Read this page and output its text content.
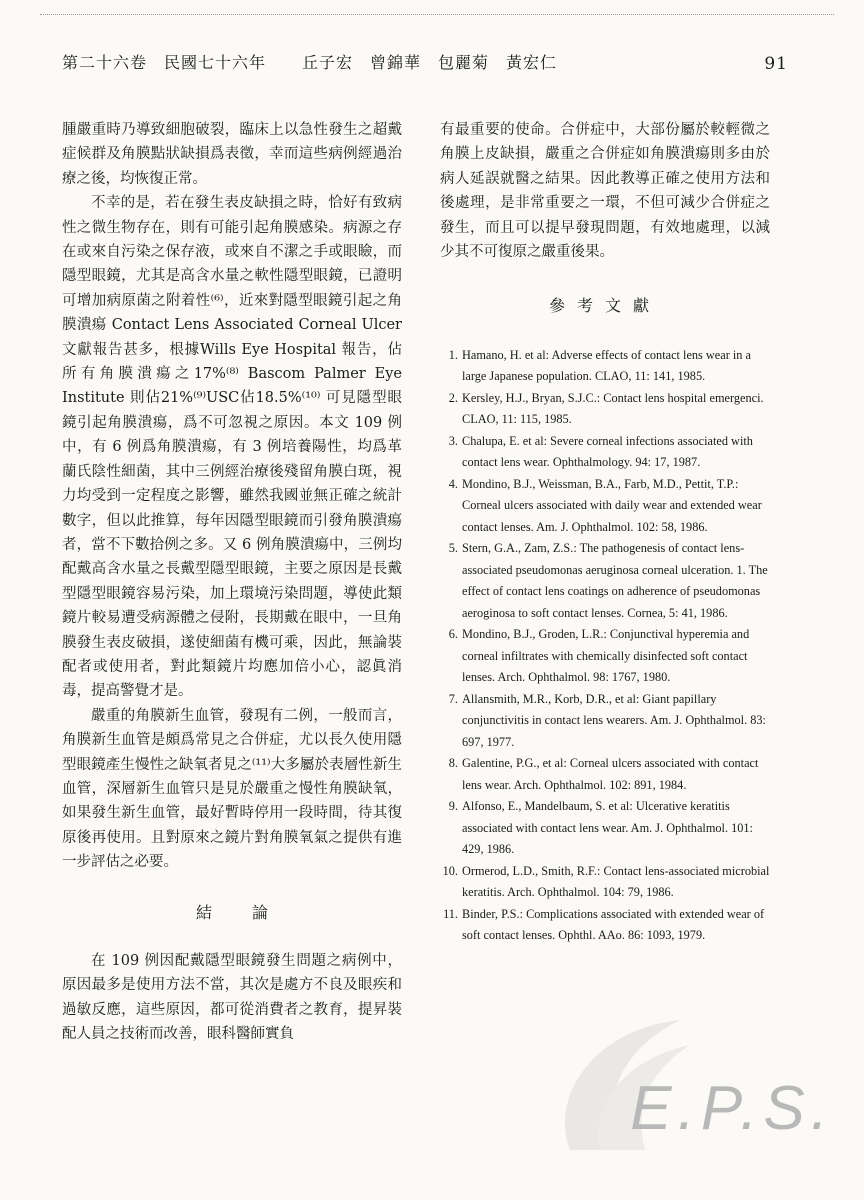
第二十六卷　民國七十六年 丘子宏　曾錦華　包麗菊　黃宏仁	91

腫嚴重時乃導致細胞破裂，臨床上以急性發生之超戴症候群及角膜點狀缺損爲表徵，幸而這些病例經過治療之後，均恢復正常。

不幸的是，若在發生表皮缺損之時，恰好有致病性之微生物存在，則有可能引起角膜感染。病源之存在或來自污染之保存液，或來自不潔之手或眼瞼，而隱型眼鏡，尤其是高含水量之軟性隱型眼鏡，已證明可增加病原菌之附着性⁽⁶⁾，近來對隱型眼鏡引起之角膜潰瘍 Contact Lens Associated Corneal Ulcer 文獻報告甚多，根據Wills Eye Hospital 報告，佔所有角膜潰瘍之17%⁽⁸⁾ Bascom Palmer Eye Institute 則佔21%⁽⁹⁾USC佔18.5%⁽¹⁰⁾ 可見隱型眼鏡引起角膜潰瘍，爲不可忽視之原因。本文 109 例中，有 6 例爲角膜潰瘍，有 3 例培養陽性，均爲革蘭氏陰性細菌，其中三例經治療後殘留角膜白斑，視力均受到一定程度之影響，雖然我國並無正確之統計數字，但以此推算，每年因隱型眼鏡而引發角膜潰瘍者，當不下數拾例之多。又 6 例角膜潰瘍中，三例均配戴高含水量之長戴型隱型眼鏡，主要之原因是長戴型隱型眼鏡容易污染，加上環境污染問題，導使此類鏡片較易遭受病源體之侵附，長期戴在眼中，一旦角膜發生表皮破損，遂使細菌有機可乘，因此，無論裝配者或使用者，對此類鏡片均應加倍小心，認眞消毒，提高警覺才是。

嚴重的角膜新生血管，發現有二例，一般而言，角膜新生血管是頗爲常見之合併症，尤以長久使用隱型眼鏡產生慢性之缺氧者見之⁽¹¹⁾大多屬於表層性新生血管，深層新生血管只是見於嚴重之慢性角膜缺氧，如果發生新生血管，最好暫時停用一段時間，待其復原後再使用。且對原來之鏡片對角膜氧氣之提供有進一步評估之必要。

結論

在 109 例因配戴隱型眼鏡發生問題之病例中，原因最多是使用方法不當，其次是處方不良及眼疾和過敏反應，這些原因，都可從消費者之教育，提昇裝配人員之技術而改善，眼科醫師實負

有最重要的使命。合併症中，大部份屬於較輕微之角膜上皮缺損，嚴重之合併症如角膜潰瘍則多由於病人延誤就醫之結果。因此教導正確之使用方法和後處理，是非常重要之一環，不但可減少合併症之發生，而且可以提早發現問題，有效地處理，以減少其不可復原之嚴重後果。

參考文獻
1. Hamano, H. et al: Adverse effects of contact lens wear in a large Japanese population. CLAO, 11: 141, 1985.
2. Kersley, H.J., Bryan, S.J.C.: Contact lens hospital emergenci. CLAO, 11: 115, 1985.
3. Chalupa, E. et al: Severe corneal infections associated with contact lens wear. Ophthalmology. 94: 17, 1987.
4. Mondino, B.J., Weissman, B.A., Farb, M.D., Pettit, T.P.: Corneal ulcers associated with daily wear and extended wear contact lenses. Am. J. Ophthalmol. 102: 58, 1986.
5. Stern, G.A., Zam, Z.S.: The pathogenesis of contact lens-associated pseudomonas aeruginosa corneal ulceration. 1. The effect of contact lens coatings on adherence of pseudomonas aeroginosa to soft contact lenses. Cornea, 5: 41, 1986.
6. Mondino, B.J., Groden, L.R.: Conjunctival hyperemia and corneal infiltrates with chemically disinfected soft contact lenses. Arch. Ophthalmol. 98: 1767, 1980.
7. Allansmith, M.R., Korb, D.R., et al: Giant papillary conjunctivitis in contact lens wearers. Am. J. Ophthalmol. 83: 697, 1977.
8. Galentine, P.G., et al: Corneal ulcers associated with contact lens wear. Arch. Ophthalmol. 102: 891, 1984.
9. Alfonso, E., Mandelbaum, S. et al: Ulcerative keratitis associated with contact lens wear. Am. J. Ophthalmol. 101: 429, 1986.
10. Ormerod, L.D., Smith, R.F.: Contact lens-associated microbial keratitis. Arch. Ophthalmol. 104: 79, 1986.
11. Binder, P.S.: Complications associated with extended wear of soft contact lenses. Ophthl. AAo. 86: 1093, 1979.
E.P.S.
